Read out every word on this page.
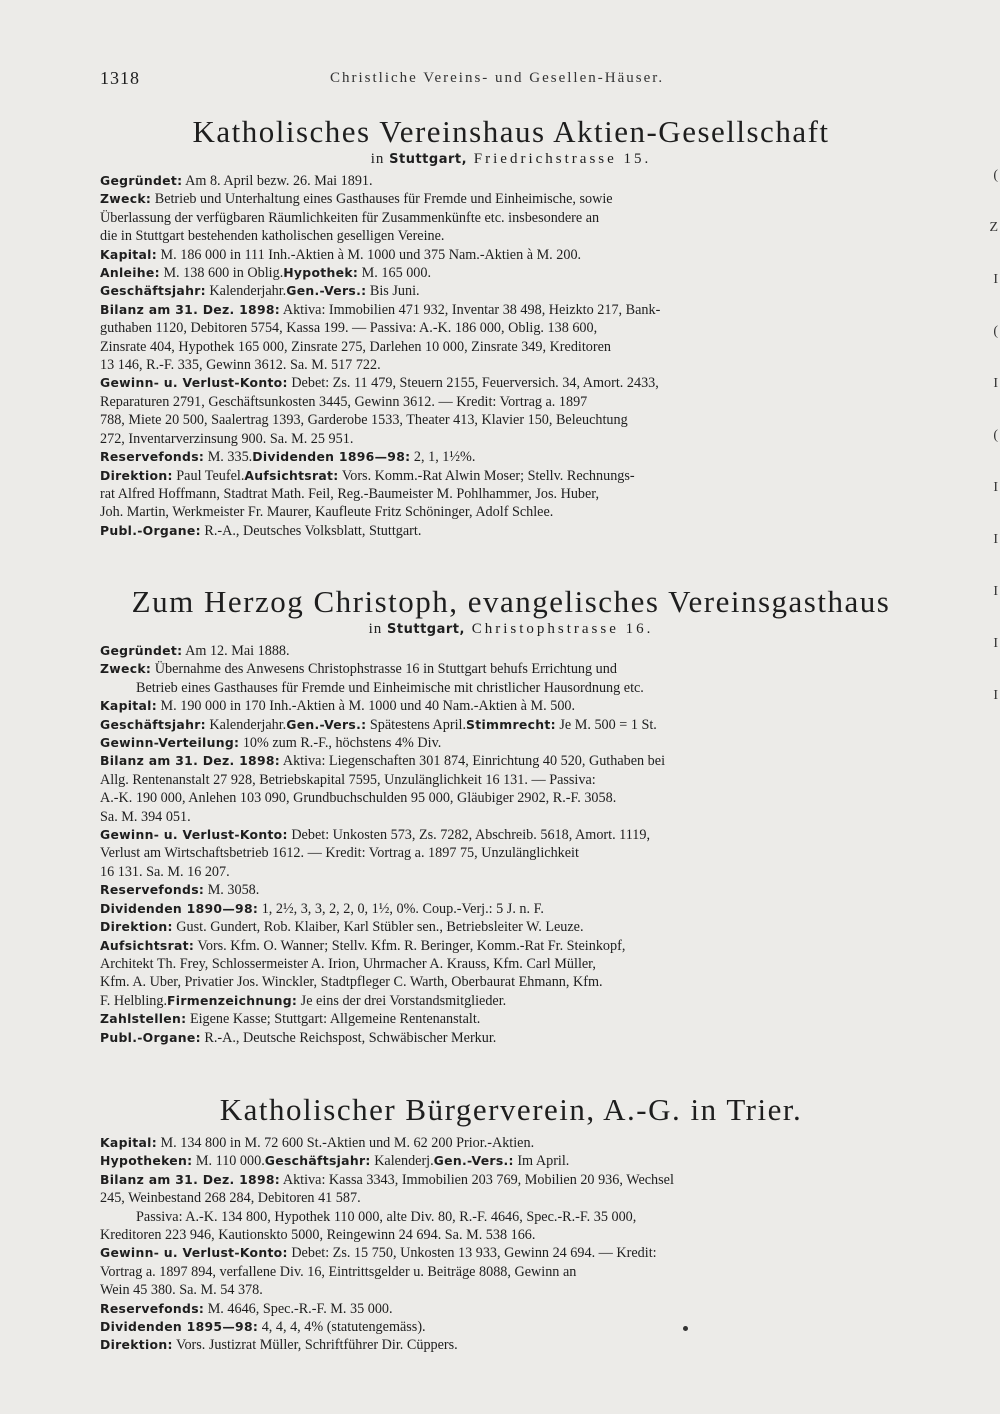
(
Z
I
(
I
(
I
I
I
I
I
1318	Christliche Vereins- und Gesellen-Häuser.
Katholisches Vereinshaus Aktien-Gesellschaft

in Stuttgart, Friedrichstrasse 15.

Gegründet: Am 8. April bezw. 26. Mai 1891.

Zweck: Betrieb und Unterhaltung eines Gasthauses für Fremde und Einheimische, sowie

Überlassung der verfügbaren Räumlichkeiten für Zusammenkünfte etc. insbesondere an

die in Stuttgart bestehenden katholischen geselligen Vereine.

Kapital: M. 186 000 in 111 Inh.-Aktien à M. 1000 und 375 Nam.-Aktien à M. 200.

Anleihe: M. 138 600 in Oblig.Hypothek: M. 165 000.

Geschäftsjahr: Kalenderjahr.Gen.-Vers.: Bis Juni.

Bilanz am 31. Dez. 1898: Aktiva: Immobilien 471 932, Inventar 38 498, Heizkto 217, Bank-

guthaben 1120, Debitoren 5754, Kassa 199. — Passiva: A.-K. 186 000, Oblig. 138 600,

Zinsrate 404, Hypothek 165 000, Zinsrate 275, Darlehen 10 000, Zinsrate 349, Kreditoren

13 146, R.-F. 335, Gewinn 3612. Sa. M. 517 722.

Gewinn- u. Verlust-Konto: Debet: Zs. 11 479, Steuern 2155, Feuerversich. 34, Amort. 2433,

Reparaturen 2791, Geschäftsunkosten 3445, Gewinn 3612. — Kredit: Vortrag a. 1897

788, Miete 20 500, Saalertrag 1393, Garderobe 1533, Theater 413, Klavier 150, Beleuchtung

272, Inventarverzinsung 900. Sa. M. 25 951.

Reservefonds: M. 335.Dividenden 1896—98: 2, 1, 1½%.

Direktion: Paul Teufel.Aufsichtsrat: Vors. Komm.-Rat Alwin Moser; Stellv. Rechnungs-

rat Alfred Hoffmann, Stadtrat Math. Feil, Reg.-Baumeister M. Pohlhammer, Jos. Huber,

Joh. Martin, Werkmeister Fr. Maurer, Kaufleute Fritz Schöninger, Adolf Schlee.

Publ.-Organe: R.-A., Deutsches Volksblatt, Stuttgart.

Zum Herzog Christoph, evangelisches Vereinsgasthaus

in Stuttgart, Christophstrasse 16.

Gegründet: Am 12. Mai 1888.

Zweck: Übernahme des Anwesens Christophstrasse 16 in Stuttgart behufs Errichtung und

Betrieb eines Gasthauses für Fremde und Einheimische mit christlicher Hausordnung etc.

Kapital: M. 190 000 in 170 Inh.-Aktien à M. 1000 und 40 Nam.-Aktien à M. 500.

Geschäftsjahr: Kalenderjahr.Gen.-Vers.: Spätestens April.Stimmrecht: Je M. 500 = 1 St.

Gewinn-Verteilung: 10% zum R.-F., höchstens 4% Div.

Bilanz am 31. Dez. 1898: Aktiva: Liegenschaften 301 874, Einrichtung 40 520, Guthaben bei

Allg. Rentenanstalt 27 928, Betriebskapital 7595, Unzulänglichkeit 16 131. — Passiva:

A.-K. 190 000, Anlehen 103 090, Grundbuchschulden 95 000, Gläubiger 2902, R.-F. 3058.

Sa. M. 394 051.

Gewinn- u. Verlust-Konto: Debet: Unkosten 573, Zs. 7282, Abschreib. 5618, Amort. 1119,

Verlust am Wirtschaftsbetrieb 1612. — Kredit: Vortrag a. 1897 75, Unzulänglichkeit

16 131. Sa. M. 16 207.

Reservefonds: M. 3058.

Dividenden 1890—98: 1, 2½, 3, 3, 2, 2, 0, 1½, 0%. Coup.-Verj.: 5 J. n. F.

Direktion: Gust. Gundert, Rob. Klaiber, Karl Stübler sen., Betriebsleiter W. Leuze.

Aufsichtsrat: Vors. Kfm. O. Wanner; Stellv. Kfm. R. Beringer, Komm.-Rat Fr. Steinkopf,

Architekt Th. Frey, Schlossermeister A. Irion, Uhrmacher A. Krauss, Kfm. Carl Müller,

Kfm. A. Uber, Privatier Jos. Winckler, Stadtpfleger C. Warth, Oberbaurat Ehmann, Kfm.

F. Helbling.Firmenzeichnung: Je eins der drei Vorstandsmitglieder.

Zahlstellen: Eigene Kasse; Stuttgart: Allgemeine Rentenanstalt.

Publ.-Organe: R.-A., Deutsche Reichspost, Schwäbischer Merkur.

Katholischer Bürgerverein, A.-G. in Trier.

Kapital: M. 134 800 in M. 72 600 St.-Aktien und M. 62 200 Prior.-Aktien.

Hypotheken: M. 110 000.Geschäftsjahr: Kalenderj.Gen.-Vers.: Im April.

Bilanz am 31. Dez. 1898: Aktiva: Kassa 3343, Immobilien 203 769, Mobilien 20 936, Wechsel

245, Weinbestand 268 284, Debitoren 41 587.

Passiva: A.-K. 134 800, Hypothek 110 000, alte Div. 80, R.-F. 4646, Spec.-R.-F. 35 000,

Kreditoren 223 946, Kautionskto 5000, Reingewinn 24 694. Sa. M. 538 166.

Gewinn- u. Verlust-Konto: Debet: Zs. 15 750, Unkosten 13 933, Gewinn 24 694. — Kredit:

Vortrag a. 1897 894, verfallene Div. 16, Eintrittsgelder u. Beiträge 8088, Gewinn an

Wein 45 380. Sa. M. 54 378.

Reservefonds: M. 4646, Spec.-R.-F. M. 35 000.

Dividenden 1895—98: 4, 4, 4, 4% (statutengemäss).

Direktion: Vors. Justizrat Müller, Schriftführer Dir. Cüppers.
